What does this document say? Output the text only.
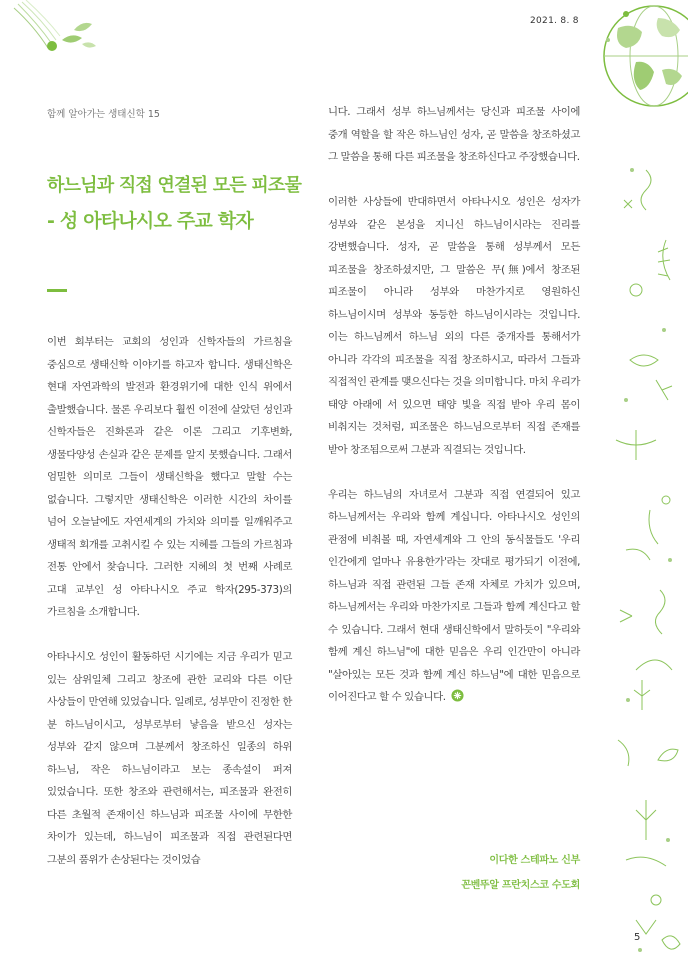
2021. 8. 8
함께 알아가는 생태신학 15
하느님과 직접 연결된 모든 피조물
- 성 아타나시오 주교 학자

이번 회부터는 교회의 성인과 신학자들의 가르침을 중심으로 생태신학 이야기를 하고자 합니다. 생태신학은 현대 자연과학의 발전과 환경위기에 대한 인식 위에서 출발했습니다. 물론 우리보다 훨씬 이전에 살았던 성인과 신학자들은 진화론과 같은 이론 그리고 기후변화, 생물다양성 손실과 같은 문제를 알지 못했습니다. 그래서 엄밀한 의미로 그들이 생태신학을 했다고 말할 수는 없습니다. 그렇지만 생태신학은 이러한 시간의 차이를 넘어 오늘날에도 자연세계의 가치와 의미를 일깨워주고 생태적 회개를 고취시킬 수 있는 지혜를 그들의 가르침과 전통 안에서 찾습니다. 그러한 지혜의 첫 번째 사례로 고대 교부인 성 아타나시오 주교 학자(295-373)의 가르침을 소개합니다.

아타나시오 성인이 활동하던 시기에는 지금 우리가 믿고 있는 삼위일체 그리고 창조에 관한 교리와 다른 이단 사상들이 만연해 있었습니다. 일례로, 성부만이 진정한 한 분 하느님이시고, 성부로부터 낳음을 받으신 성자는 성부와 같지 않으며 그분께서 창조하신 일종의 하위 하느님, 작은 하느님이라고 보는 종속설이 퍼져 있었습니다. 또한 창조와 관련해서는, 피조물과 완전히 다른 초월적 존재이신 하느님과 피조물 사이에 무한한 차이가 있는데, 하느님이 피조물과 직접 관련된다면 그분의 품위가 손상된다는 것이었습

니다. 그래서 성부 하느님께서는 당신과 피조물 사이에 중개 역할을 할 작은 하느님인 성자, 곧 말씀을 창조하셨고 그 말씀을 통해 다른 피조물을 창조하신다고 주장했습니다.

이러한 사상들에 반대하면서 아타나시오 성인은 성자가 성부와 같은 본성을 지니신 하느님이시라는 진리를 강변했습니다. 성자, 곧 말씀을 통해 성부께서 모든 피조물을 창조하셨지만, 그 말씀은 무(無)에서 창조된 피조물이 아니라 성부와 마찬가지로 영원하신 하느님이시며 성부와 동등한 하느님이시라는 것입니다. 이는 하느님께서 하느님 외의 다른 중개자를 통해서가 아니라 각각의 피조물을 직접 창조하시고, 따라서 그들과 직접적인 관계를 맺으신다는 것을 의미합니다. 마치 우리가 태양 아래에 서 있으면 태양 빛을 직접 받아 우리 몸이 비춰지는 것처럼, 피조물은 하느님으로부터 직접 존재를 받아 창조됨으로써 그분과 직결되는 것입니다.

우리는 하느님의 자녀로서 그분과 직접 연결되어 있고 하느님께서는 우리와 함께 계십니다. 아타나시오 성인의 관점에 비춰볼 때, 자연세계와 그 안의 동식물들도 '우리 인간에게 얼마나 유용한가'라는 잣대로 평가되기 이전에, 하느님과 직접 관련된 그들 존재 자체로 가치가 있으며, 하느님께서는 우리와 마찬가지로 그들과 함께 계신다고 할 수 있습니다. 그래서 현대 생태신학에서 말하듯이 "우리와 함께 계신 하느님"에 대한 믿음은 우리 인간만이 아니라 "살아있는 모든 것과 함께 계신 하느님"에 대한 믿음으로 이어진다고 할 수 있습니다.

이다한 스테파노 신부
꼰벤뚜알 프란치스코 수도회
5
